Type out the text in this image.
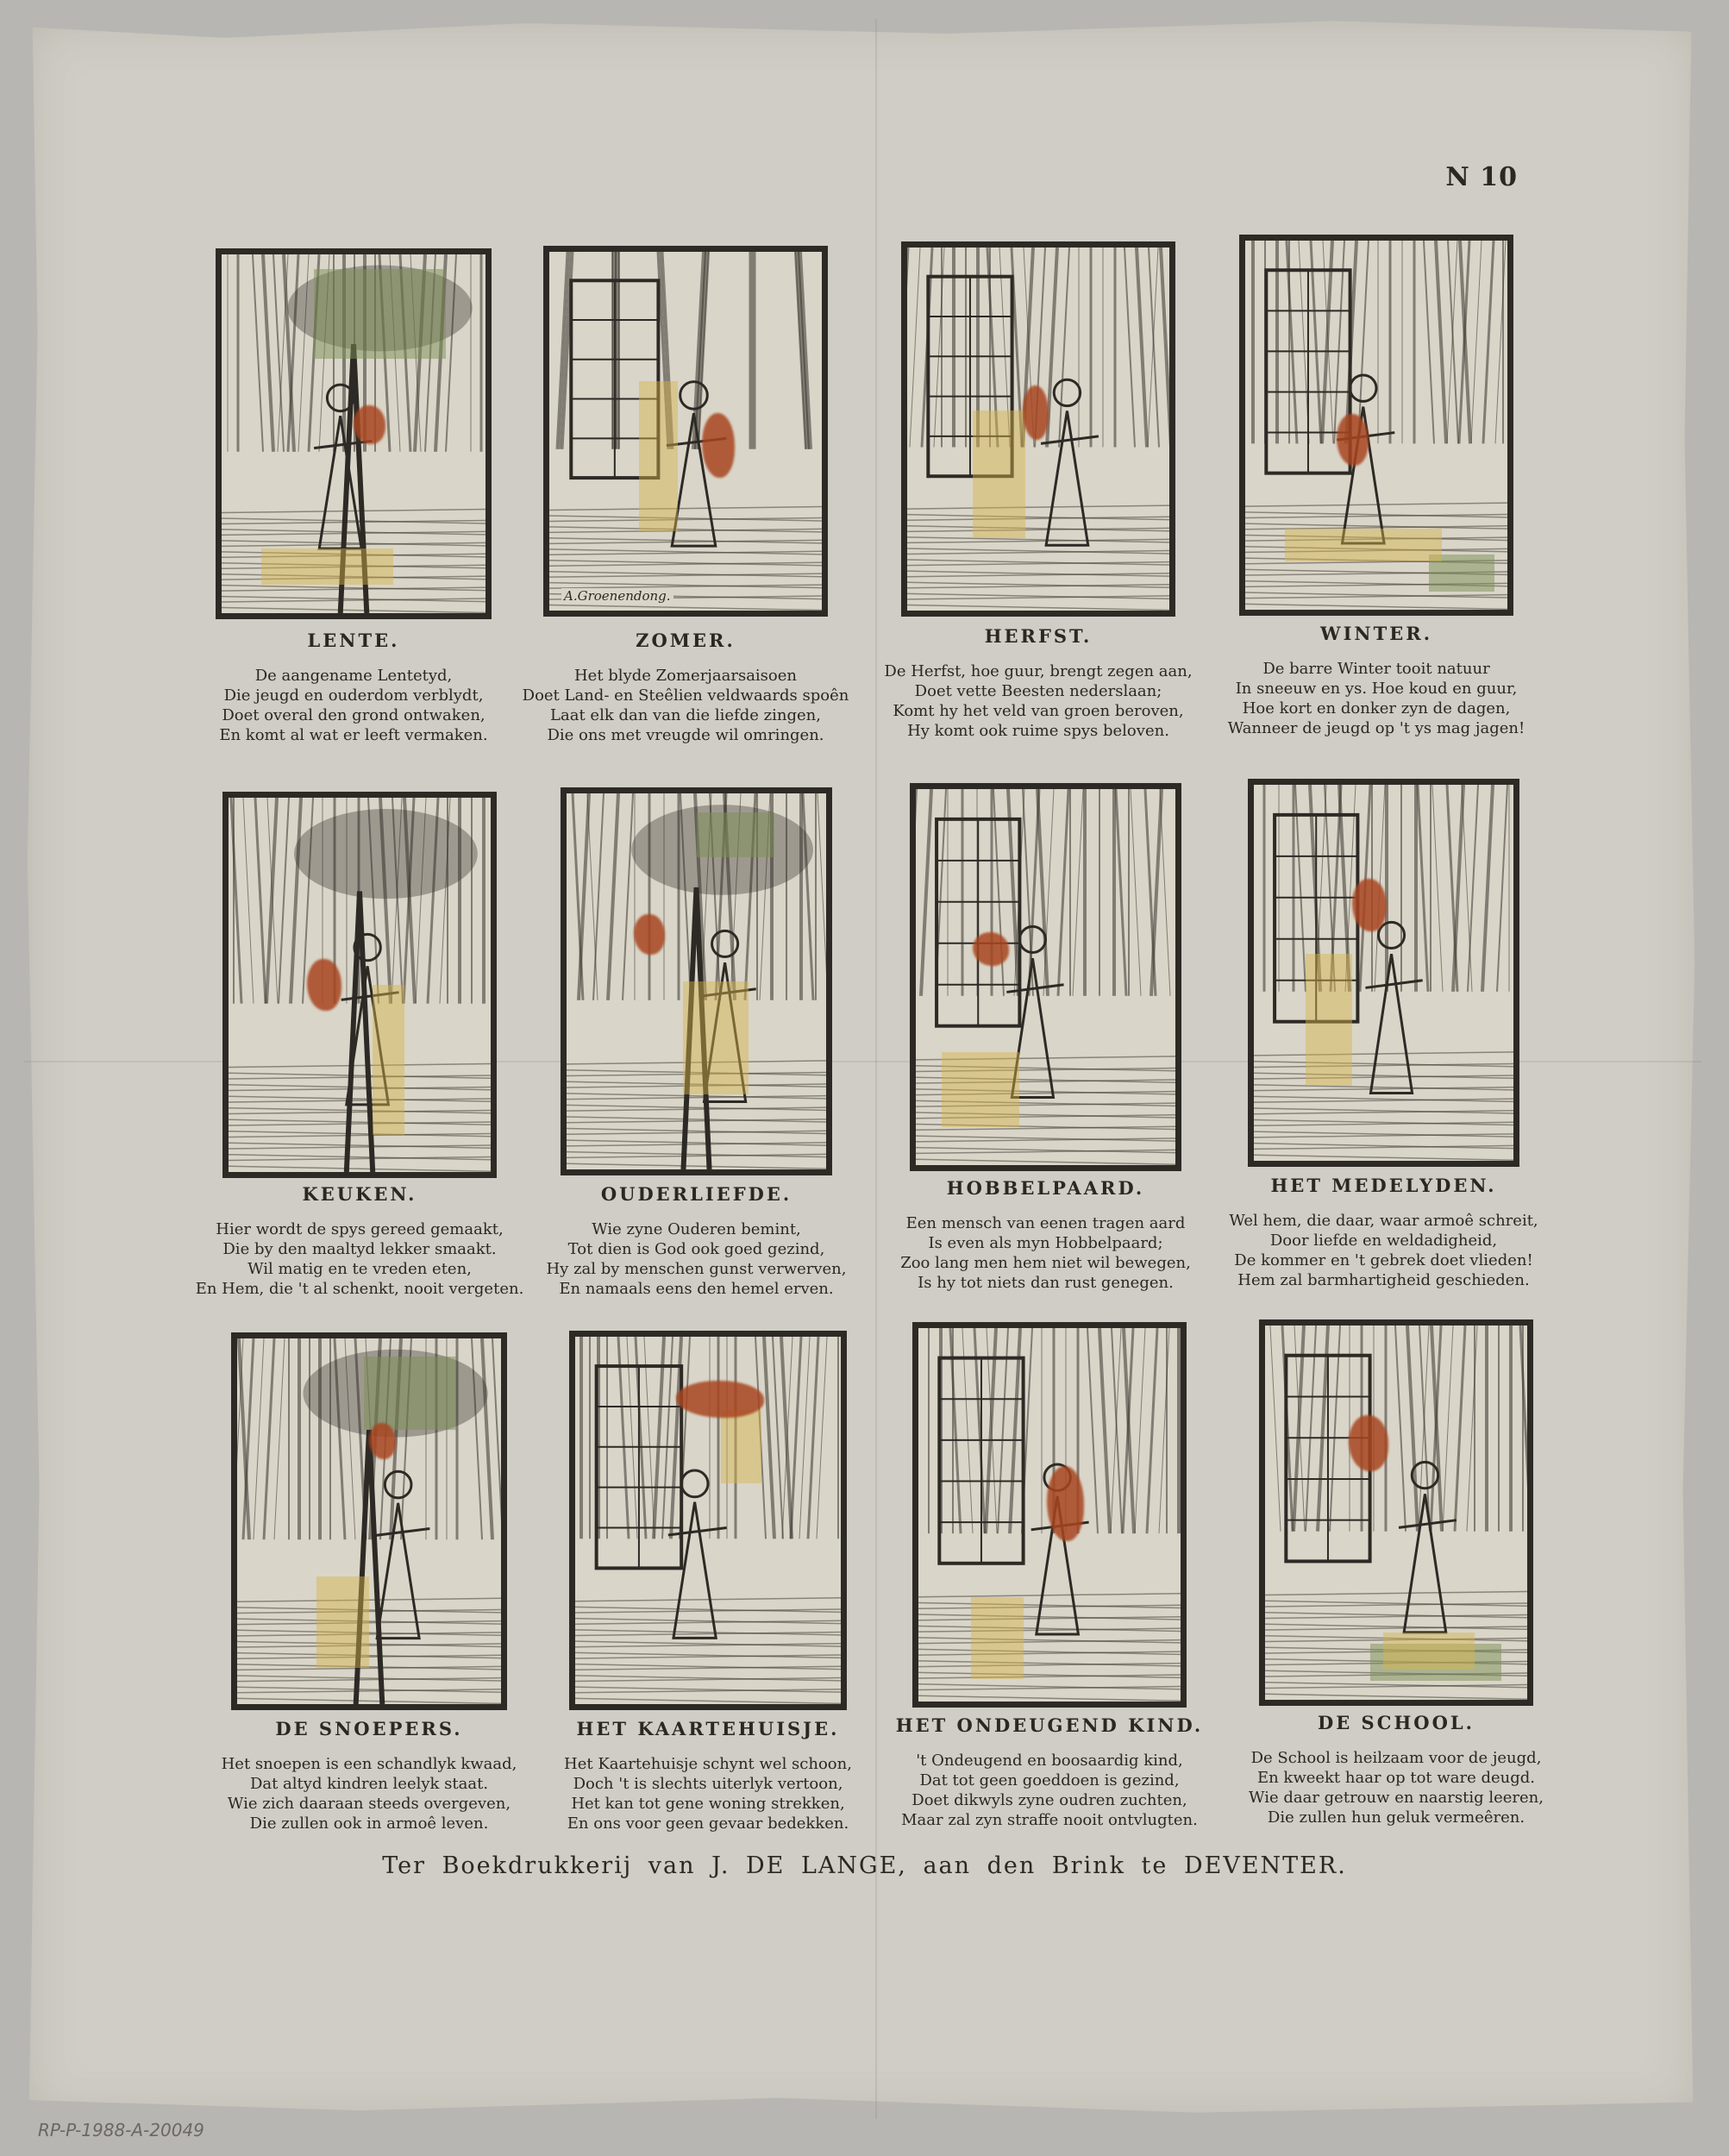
N 10
LENTE.
De aangename Lentetyd,
Die jeugd en ouderdom verblydt,
Doet overal den grond ontwaken,
En komt al wat er leeft vermaken.
A.Groenendong.
ZOMER.
Het blyde Zomerjaarsaisoen
Doet Land- en Steêlien veldwaards spoên
Laat elk dan van die liefde zingen,
Die ons met vreugde wil omringen.
HERFST.
De Herfst, hoe guur, brengt zegen aan,
Doet vette Beesten nederslaan;
Komt hy het veld van groen beroven,
Hy komt ook ruime spys beloven.
WINTER.
De barre Winter tooit natuur
In sneeuw en ys. Hoe koud en guur,
Hoe kort en donker zyn de dagen,
Wanneer de jeugd op 't ys mag jagen!
KEUKEN.
Hier wordt de spys gereed gemaakt,
Die by den maaltyd lekker smaakt.
Wil matig en te vreden eten,
En Hem, die 't al schenkt, nooit vergeten.
OUDERLIEFDE.
Wie zyne Ouderen bemint,
Tot dien is God ook goed gezind,
Hy zal by menschen gunst verwerven,
En namaals eens den hemel erven.
HOBBELPAARD.
Een mensch van eenen tragen aard
Is even als myn Hobbelpaard;
Zoo lang men hem niet wil bewegen,
Is hy tot niets dan rust genegen.
HET MEDELYDEN.
Wel hem, die daar, waar armoê schreit,
Door liefde en weldadigheid,
De kommer en 't gebrek doet vlieden!
Hem zal barmhartigheid geschieden.
DE SNOEPERS.
Het snoepen is een schandlyk kwaad,
Dat altyd kindren leelyk staat.
Wie zich daaraan steeds overgeven,
Die zullen ook in armoê leven.
HET KAARTEHUISJE.
Het Kaartehuisje schynt wel schoon,
Doch 't is slechts uiterlyk vertoon,
Het kan tot gene woning strekken,
En ons voor geen gevaar bedekken.
HET ONDEUGEND KIND.
't Ondeugend en boosaardig kind,
Dat tot geen goeddoen is gezind,
Doet dikwyls zyne oudren zuchten,
Maar zal zyn straffe nooit ontvlugten.
DE SCHOOL.
De School is heilzaam voor de jeugd,
En kweekt haar op tot ware deugd.
Wie daar getrouw en naarstig leeren,
Die zullen hun geluk vermeêren.
Ter Boekdrukkerij van J. DE LANGE, aan den Brink te DEVENTER.
RP-P-1988-A-20049
